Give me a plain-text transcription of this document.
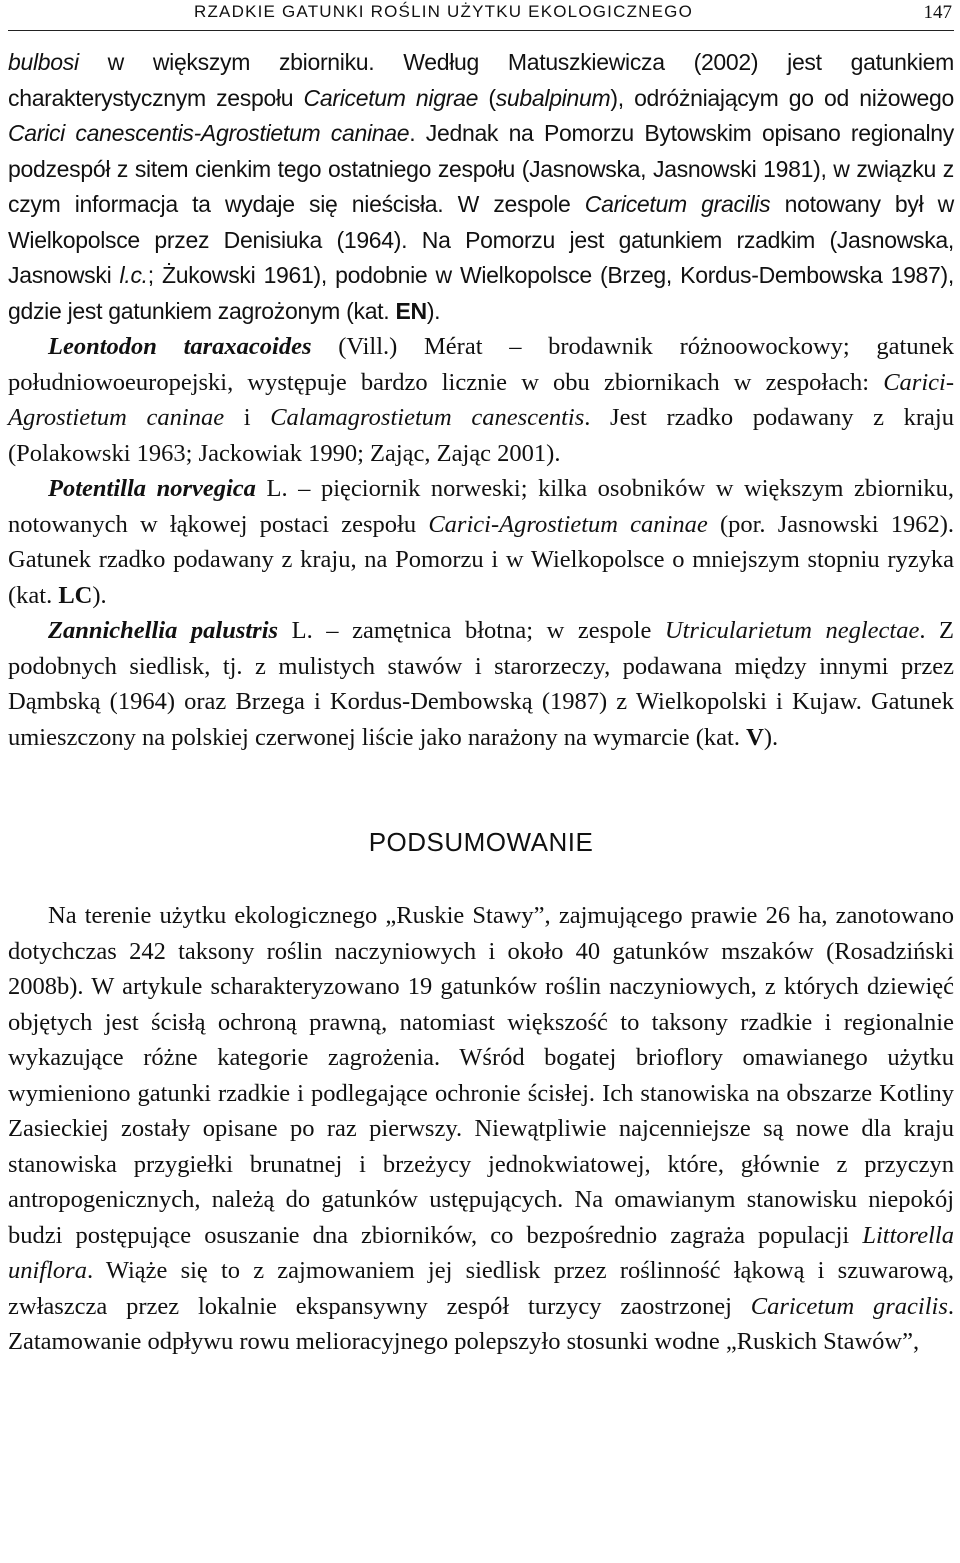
RZADKIE GATUNKI ROŚLIN UŻYTKU EKOLOGICZNEGO	147

bulbosi w większym zbiorniku. Według Matuszkiewicza (2002) jest gatunkiem charakterystycznym zespołu Caricetum nigrae (subalpinum), odróżniającym go od niżowego Carici canescentis-Agrostietum caninae. Jednak na Pomorzu Bytowskim opisano regionalny podzespół z sitem cienkim tego ostatniego zespołu (Jasnowska, Jasnowski 1981), w związku z czym informacja ta wydaje się nieścisła. W zespole Caricetum gracilis notowany był w Wielkopolsce przez Denisiuka (1964). Na Pomorzu jest gatunkiem rzadkim (Jasnowska, Jasnowski l.c.; Żukowski 1961), podobnie w Wielkopolsce (Brzeg, Kordus-Dembowska 1987), gdzie jest gatunkiem zagrożonym (kat. EN).

Leontodon taraxacoides (Vill.) Mérat – brodawnik różnoowockowy; gatunek południowoeuropejski, występuje bardzo licznie w obu zbiornikach w zespołach: Carici-Agrostietum caninae i Calamagrostietum canescentis. Jest rzadko podawany z kraju (Polakowski 1963; Jackowiak 1990; Zając, Zając 2001).

Potentilla norvegica L. – pięciornik norweski; kilka osobników w większym zbiorniku, notowanych w łąkowej postaci zespołu Carici-Agrostietum caninae (por. Jasnowski 1962). Gatunek rzadko podawany z kraju, na Pomorzu i w Wielkopolsce o mniejszym stopniu ryzyka (kat. LC).

Zannichellia palustris L. – zamętnica błotna; w zespole Utricularietum neglectae. Z podobnych siedlisk, tj. z mulistych stawów i starorzeczy, podawana między innymi przez Dąmbską (1964) oraz Brzega i Kordus-Dembowską (1987) z Wielkopolski i Kujaw. Gatunek umieszczony na polskiej czerwonej liście jako narażony na wymarcie (kat. V).

PODSUMOWANIE

Na terenie użytku ekologicznego „Ruskie Stawy”, zajmującego prawie 26 ha, zanotowano dotychczas 242 taksony roślin naczyniowych i około 40 gatunków mszaków (Rosadziński 2008b). W artykule scharakteryzowano 19 gatunków roślin naczyniowych, z których dziewięć objętych jest ścisłą ochroną prawną, natomiast większość to taksony rzadkie i regionalnie wykazujące różne kategorie zagrożenia. Wśród bogatej brioflory omawianego użytku wymieniono gatunki rzadkie i podlegające ochronie ścisłej. Ich stanowiska na obszarze Kotliny Zasieckiej zostały opisane po raz pierwszy. Niewątpliwie najcenniejsze są nowe dla kraju stanowiska przygiełki brunatnej i brzeżycy jednokwiatowej, które, głównie z przyczyn antropogenicznych, należą do gatunków ustępujących. Na omawianym stanowisku niepokój budzi postępujące osuszanie dna zbiorników, co bezpośrednio zagraża populacji Littorella uniflora. Wiąże się to z zajmowaniem jej siedlisk przez roślinność łąkową i szuwarową, zwłaszcza przez lokalnie ekspansywny zespół turzycy zaostrzonej Caricetum gracilis. Zatamowanie odpływu rowu melioracyjnego polepszyło stosunki wodne „Ruskich Stawów”,
